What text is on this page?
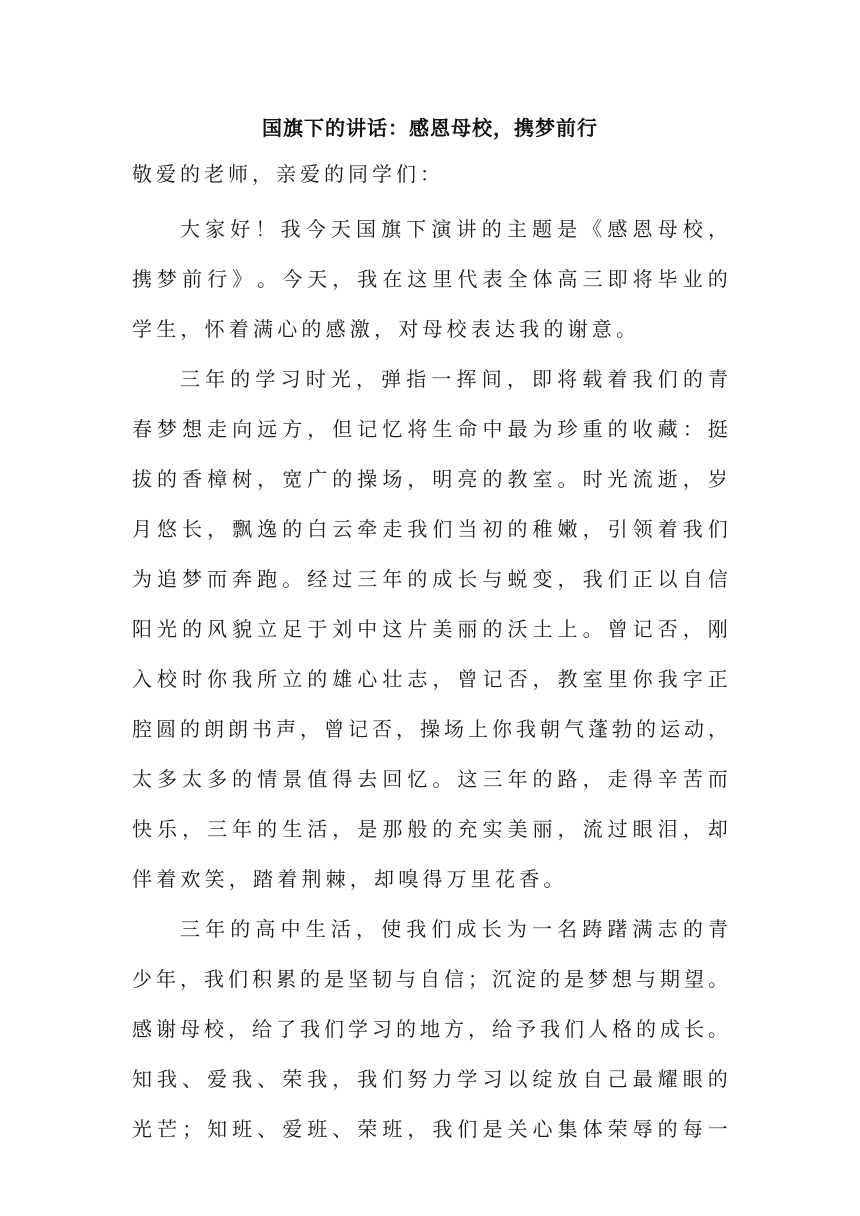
国旗下的讲话：感恩母校，携梦前行
敬爱的老师，亲爱的同学们：
大 家 好 ！ 我 今 天 国 旗 下 演 讲 的 主 题 是 《 感 恩 母 校 ，
携 梦 前 行 》 。 今 天 ， 我 在 这 里 代 表 全 体 高 三 即 将 毕 业 的
学生，怀着满心的感激，对母校表达我的谢意。
三 年 的 学 习 时 光 ， 弹 指 一 挥 间 ， 即 将 载 着 我 们 的 青
春 梦 想 走 向 远 方 ， 但 记 忆 将 生 命 中 最 为 珍 重 的 收 藏 ： 挺
拔 的 香 樟 树 ， 宽 广 的 操 场 ， 明 亮 的 教 室 。 时 光 流 逝 ， 岁
月 悠 长 ， 飘 逸 的 白 云 牵 走 我 们 当 初 的 稚 嫩 ， 引 领 着 我 们
为 追 梦 而 奔 跑 。 经 过 三 年 的 成 长 与 蜕 变 ， 我 们 正 以 自 信
阳 光 的 风 貌 立 足 于 刘 中 这 片 美 丽 的 沃 土 上 。 曾 记 否 ， 刚
入 校 时 你 我 所 立 的 雄 心 壮 志 ， 曾 记 否 ， 教 室 里 你 我 字 正
腔 圆 的 朗 朗 书 声 ， 曾 记 否 ， 操 场 上 你 我 朝 气 蓬 勃 的 运 动 ，
太 多 太 多 的 情 景 值 得 去 回 忆 。 这 三 年 的 路 ， 走 得 辛 苦 而
快 乐 ， 三 年 的 生 活 ， 是 那 般 的 充 实 美 丽 ， 流 过 眼 泪 ， 却
伴着欢笑，踏着荆棘，却嗅得万里花香。
三 年 的 高 中 生 活 ， 使 我 们 成 长 为 一 名 踌 躇 满 志 的 青
少 年 ， 我 们 积 累 的 是 坚 韧 与 自 信 ； 沉 淀 的 是 梦 想 与 期 望 。
感 谢 母 校 ， 给 了 我 们 学 习 的 地 方 ， 给 予 我 们 人 格 的 成 长 。
知 我 、 爱 我 、 荣 我 ， 我 们 努 力 学 习 以 绽 放 自 己 最 耀 眼 的
光 芒 ； 知 班 、 爱 班 、 荣 班 ， 我 们 是 关 心 集 体 荣 辱 的 每 一
